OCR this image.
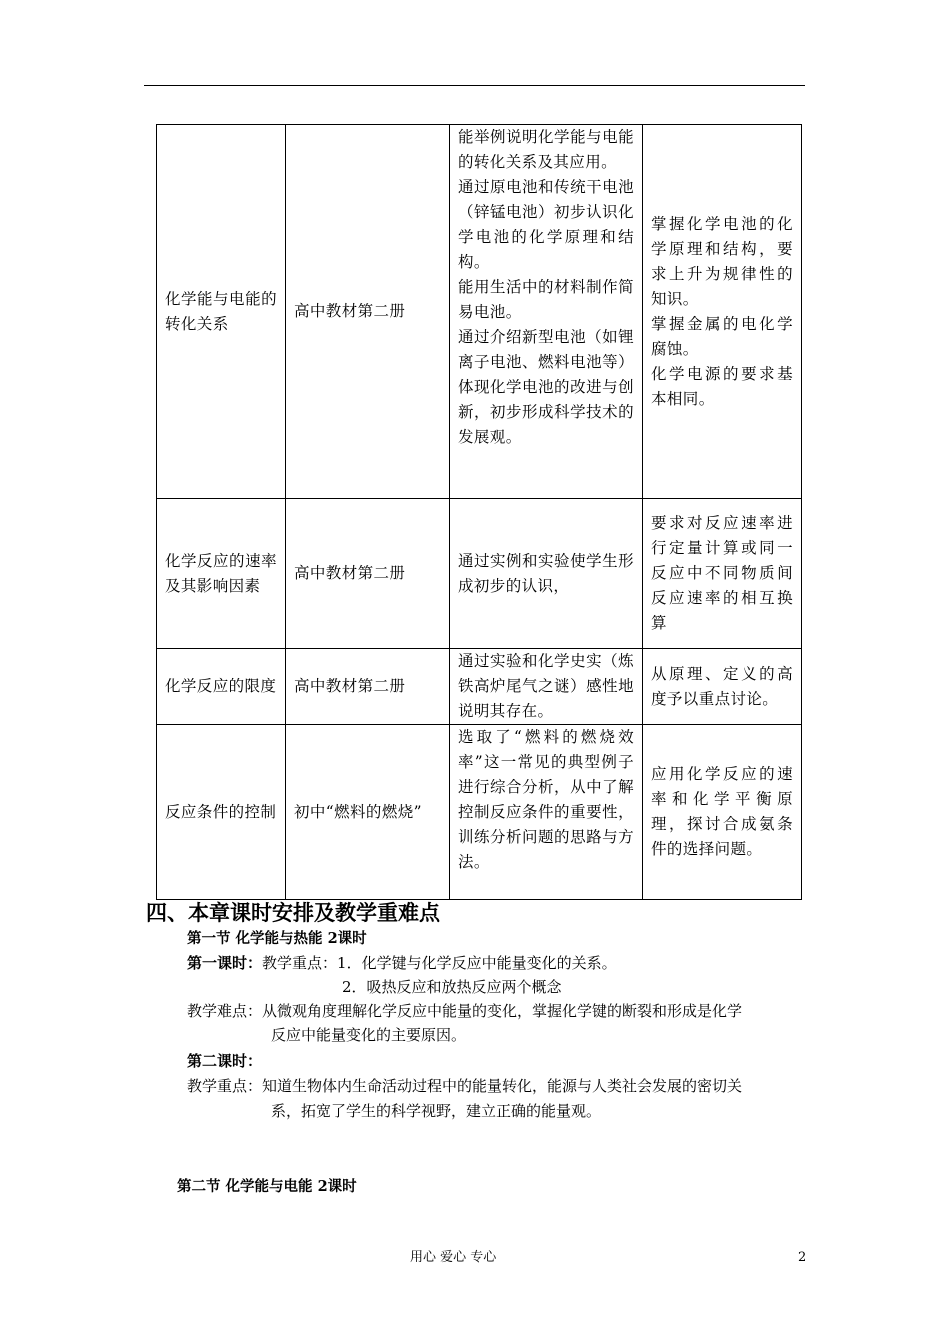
化学能与电能的转化关系	高中教材第二册	能举例说明化学能与电能的转化关系及其应用。
通过原电池和传统干电池（锌锰电池）初步认识化学电池的化学原理和结构。
能用生活中的材料制作简易电池。
通过介绍新型电池（如锂离子电池、燃料电池等）体现化学电池的改进与创新，初步形成科学技术的发展观。	掌握化学电池的化学原理和结构，要求上升为规律性的知识。
掌握金属的电化学腐蚀。
化学电源的要求基本相同。

化学反应的速率及其影响因素	高中教材第二册	通过实例和实验使学生形成初步的认识，	要求对反应速率进行定量计算或同一反应中不同物质间反应速率的相互换算
化学反应的限度	高中教材第二册	通过实验和化学史实（炼铁高炉尾气之谜）感性地说明其存在。	从原理、定义的高度予以重点讨论。
反应条件的控制	初中“燃料的燃烧”	选取了“燃料的燃烧效率”这一常见的典型例子进行综合分析，从中了解控制反应条件的重要性，训练分析问题的思路与方法。	应用化学反应的速率和化学平衡原理，探讨合成氨条件的选择问题。
四、本章课时安排及教学重难点
第一节 化学能与热能 2课时
第一课时：教学重点：1．化学键与化学反应中能量变化的关系。
2．吸热反应和放热反应两个概念
教学难点：从微观角度理解化学反应中能量的变化，掌握化学键的断裂和形成是化学
反应中能量变化的主要原因。
第二课时：
教学重点：知道生物体内生命活动过程中的能量转化，能源与人类社会发展的密切关
系，拓宽了学生的科学视野，建立正确的能量观。
第二节 化学能与电能 2课时
用心 爱心 专心	2
